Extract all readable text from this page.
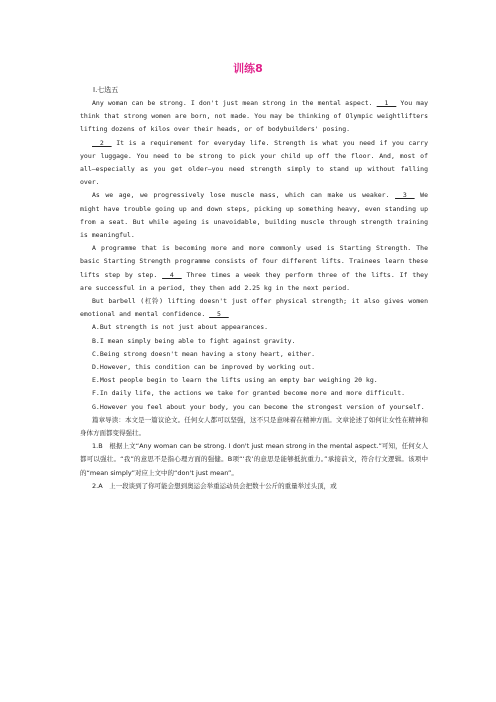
训练8
Ⅰ.七选五

Any woman can be strong. I don't just mean strong in the mental aspect. __1__ You may think that strong women are born, not made. You may be thinking of Olympic weightlifters lifting dozens of kilos over their heads, or of bodybuilders' posing.

__2__ It is a requirement for everyday life. Strength is what you need if you carry your luggage. You need to be strong to pick your child up off the floor. And, most of all—especially as you get older—you need strength simply to stand up without falling over.

As we age, we progressively lose muscle mass, which can make us weaker. __3__ We might have trouble going up and down steps, picking up something heavy, even standing up from a seat. But while ageing is unavoidable, building muscle through strength training is meaningful.

A programme that is becoming more and more commonly used is Starting Strength. The basic Starting Strength programme consists of four different lifts. Trainees learn these lifts step by step. __4__ Three times a week they perform three of the lifts. If they are successful in a period, they then add 2.25 kg in the next period.

But barbell (杠铃) lifting doesn't just offer physical strength; it also gives women emotional and mental confidence. __5__

A.But strength is not just about appearances.

B.I mean simply being able to fight against gravity.

C.Being strong doesn't mean having a stony heart, either.

D.However, this condition can be improved by working out.

E.Most people begin to learn the lifts using an empty bar weighing 20 kg.

F.In daily life, the actions we take for granted become more and more difficult.

G.However you feel about your body, you can become the strongest version of yourself.

篇章导读：本文是一篇议论文。任何女人都可以坚强，这不只是意味着在精神方面。文章论述了如何让女性在精神和身体方面都变得强壮。

1.B　根据上文“Any woman can be strong. I don't just mean strong in the mental aspect.”可知，任何女人都可以强壮。“我”的意思不是指心理方面的强健。B项“‘我’的意思是能够抵抗重力。”承接前文，符合行文逻辑。该项中的“mean simply”对应上文中的“don't just mean”。

2.A　上一段谈到了你可能会想到奥运会举重运动员会把数十公斤的重量举过头顶，或
